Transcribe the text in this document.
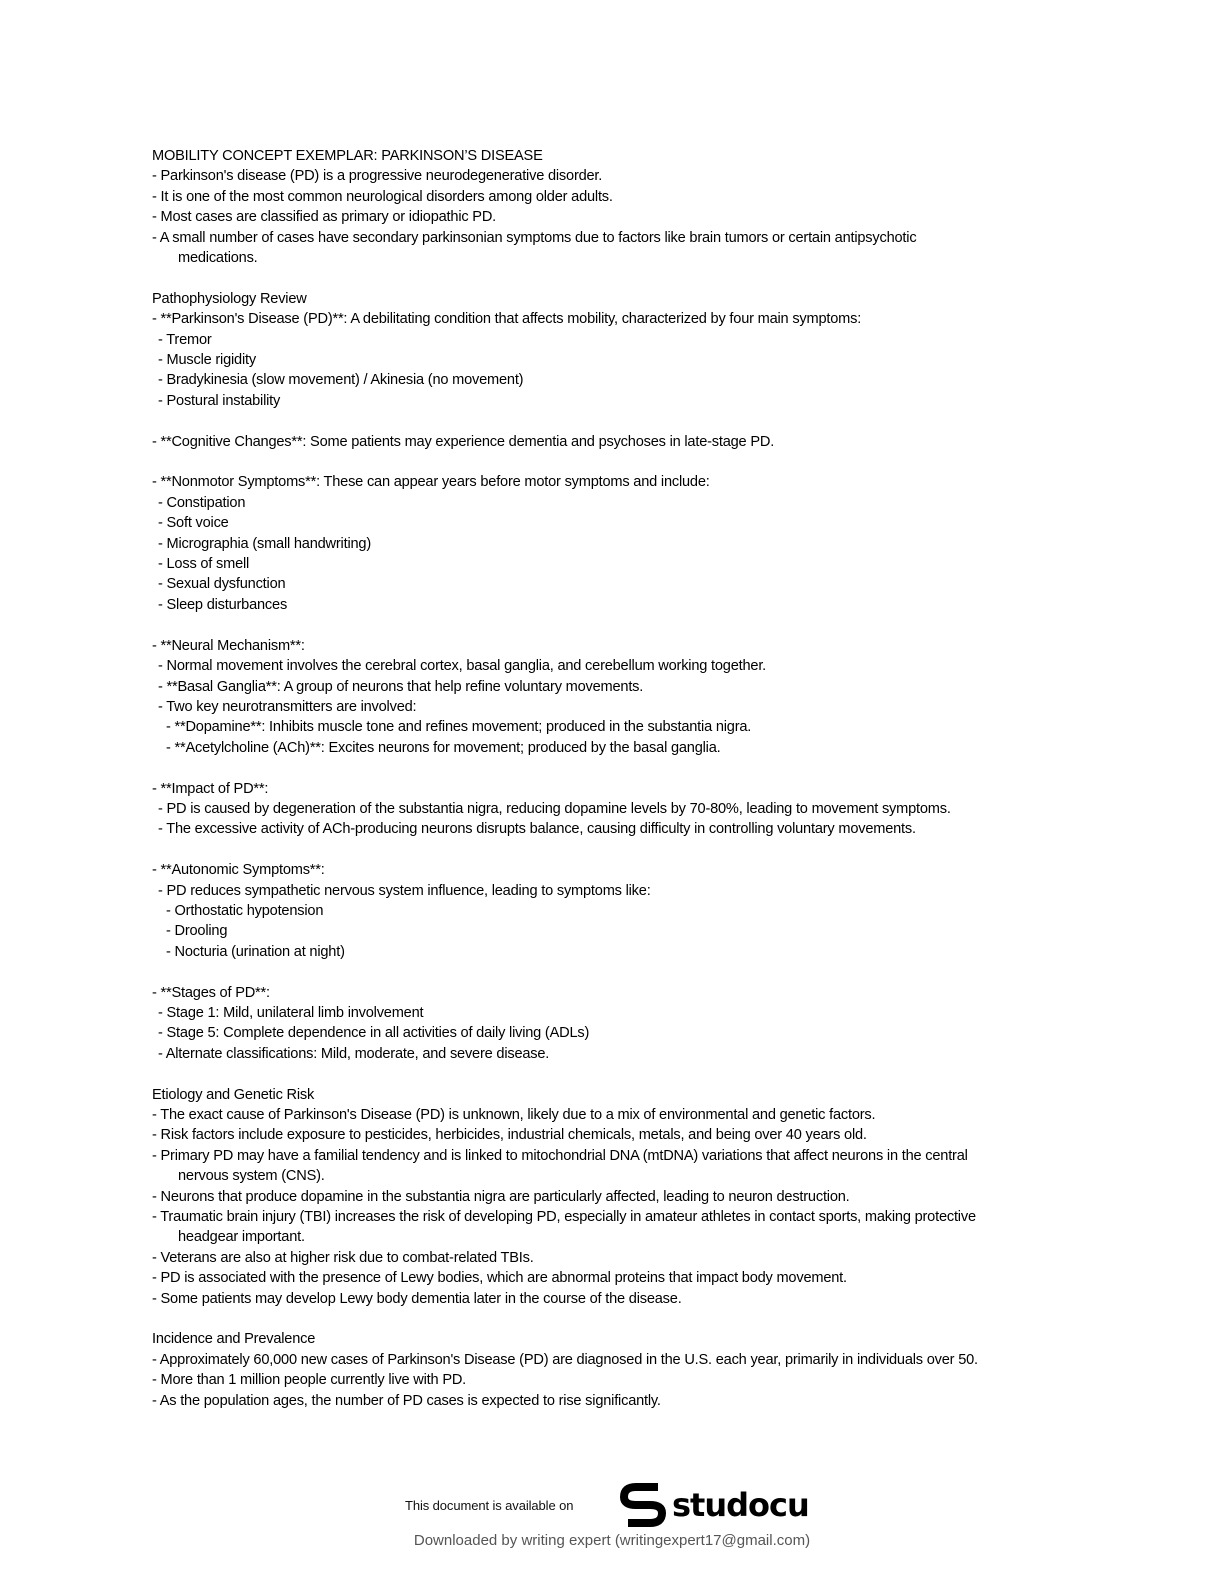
MOBILITY CONCEPT EXEMPLAR: PARKINSON’S DISEASE
- Parkinson's disease (PD) is a progressive neurodegenerative disorder.
- It is one of the most common neurological disorders among older adults.
- Most cases are classified as primary or idiopathic PD.
- A small number of cases have secondary parkinsonian symptoms due to factors like brain tumors or certain antipsychotic
medications.
Pathophysiology Review
- **Parkinson's Disease (PD)**: A debilitating condition that affects mobility, characterized by four main symptoms:
- Tremor
- Muscle rigidity
- Bradykinesia (slow movement) / Akinesia (no movement)
- Postural instability
- **Cognitive Changes**: Some patients may experience dementia and psychoses in late-stage PD.
- **Nonmotor Symptoms**: These can appear years before motor symptoms and include:
- Constipation
- Soft voice
- Micrographia (small handwriting)
- Loss of smell
- Sexual dysfunction
- Sleep disturbances
- **Neural Mechanism**:
- Normal movement involves the cerebral cortex, basal ganglia, and cerebellum working together.
- **Basal Ganglia**: A group of neurons that help refine voluntary movements.
- Two key neurotransmitters are involved:
- **Dopamine**: Inhibits muscle tone and refines movement; produced in the substantia nigra.
- **Acetylcholine (ACh)**: Excites neurons for movement; produced by the basal ganglia.
- **Impact of PD**:
- PD is caused by degeneration of the substantia nigra, reducing dopamine levels by 70-80%, leading to movement symptoms.
- The excessive activity of ACh-producing neurons disrupts balance, causing difficulty in controlling voluntary movements.
- **Autonomic Symptoms**:
- PD reduces sympathetic nervous system influence, leading to symptoms like:
- Orthostatic hypotension
- Drooling
- Nocturia (urination at night)
- **Stages of PD**:
- Stage 1: Mild, unilateral limb involvement
- Stage 5: Complete dependence in all activities of daily living (ADLs)
- Alternate classifications: Mild, moderate, and severe disease.
Etiology and Genetic Risk
- The exact cause of Parkinson's Disease (PD) is unknown, likely due to a mix of environmental and genetic factors.
- Risk factors include exposure to pesticides, herbicides, industrial chemicals, metals, and being over 40 years old.
- Primary PD may have a familial tendency and is linked to mitochondrial DNA (mtDNA) variations that affect neurons in the central
nervous system (CNS).
- Neurons that produce dopamine in the substantia nigra are particularly affected, leading to neuron destruction.
- Traumatic brain injury (TBI) increases the risk of developing PD, especially in amateur athletes in contact sports, making protective
headgear important.
- Veterans are also at higher risk due to combat-related TBIs.
- PD is associated with the presence of Lewy bodies, which are abnormal proteins that impact body movement.
- Some patients may develop Lewy body dementia later in the course of the disease.
Incidence and Prevalence
- Approximately 60,000 new cases of Parkinson's Disease (PD) are diagnosed in the U.S. each year, primarily in individuals over 50.
- More than 1 million people currently live with PD.
- As the population ages, the number of PD cases is expected to rise significantly.
This document is available on	studocu
Downloaded by writing expert (writingexpert17@gmail.com)
